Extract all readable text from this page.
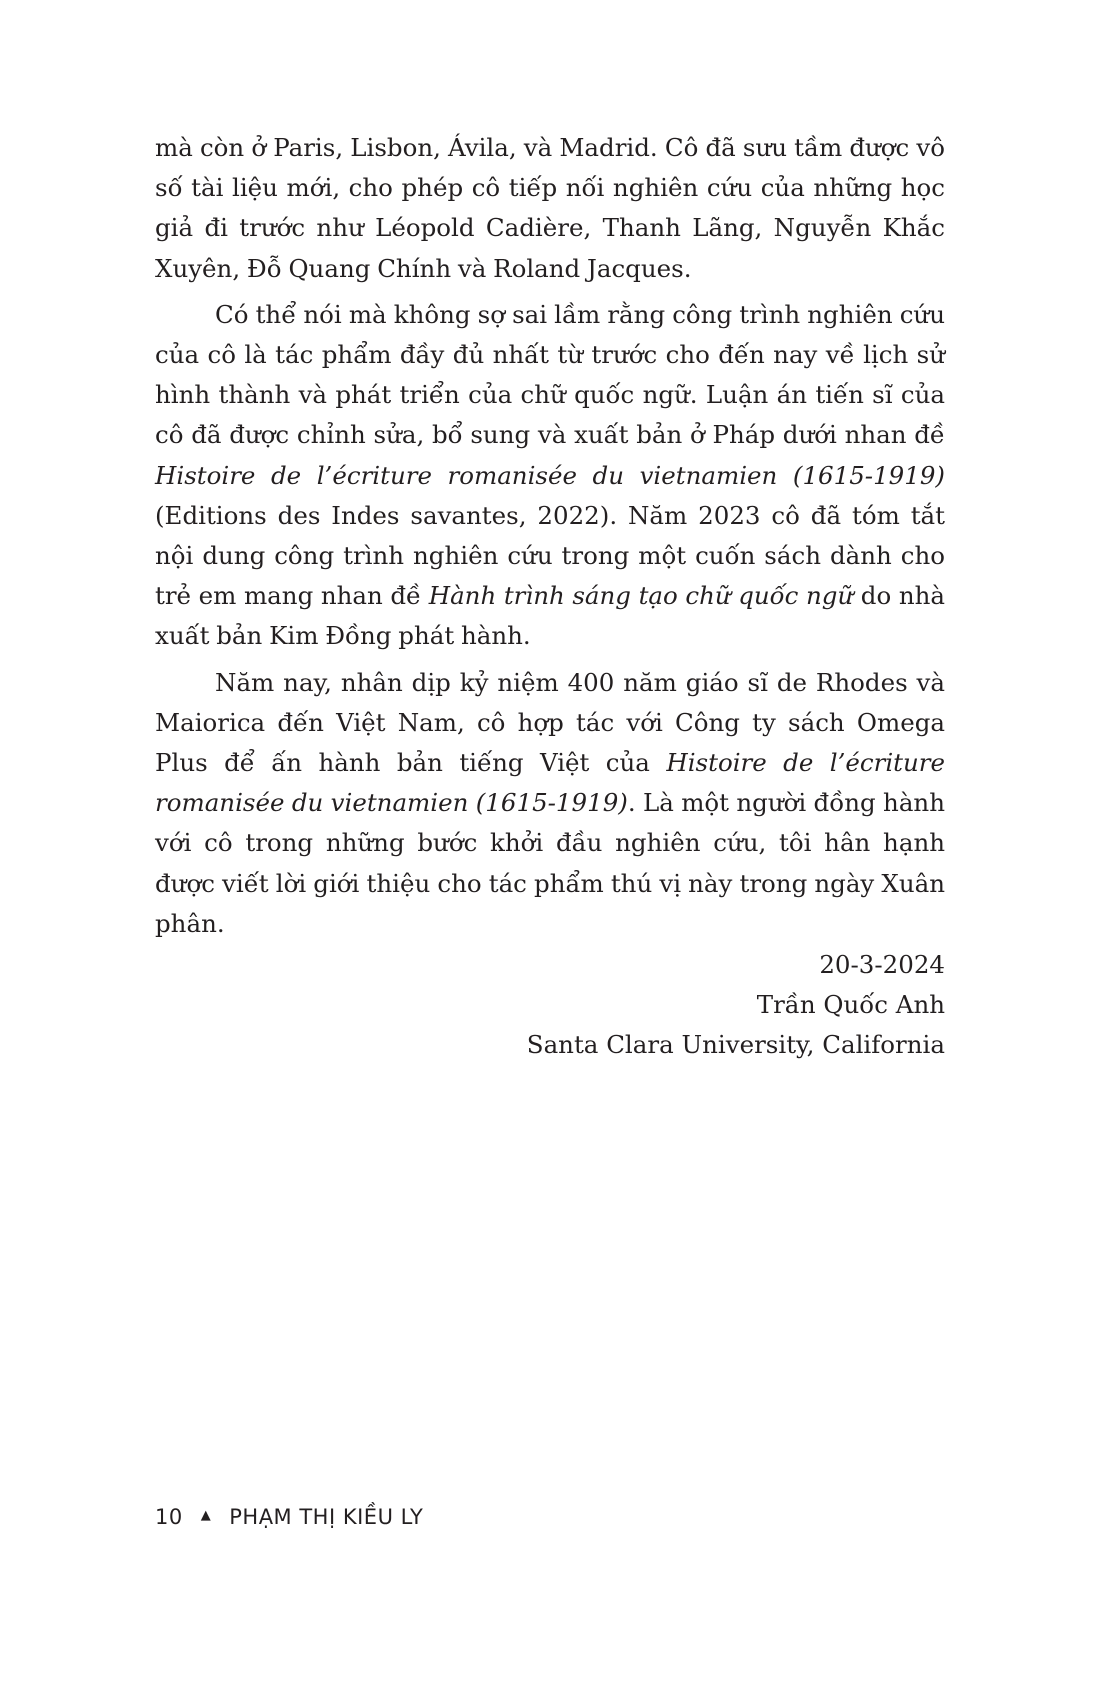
mà còn ở Paris, Lisbon, Ávila, và Madrid. Cô đã sưu tầm được vô số tài liệu mới, cho phép cô tiếp nối nghiên cứu của những học giả đi trước như Léopold Cadière, Thanh Lãng, Nguyễn Khắc Xuyên, Đỗ Quang Chính và Roland Jacques.

Có thể nói mà không sợ sai lầm rằng công trình nghiên cứu của cô là tác phẩm đầy đủ nhất từ trước cho đến nay về lịch sử hình thành và phát triển của chữ quốc ngữ. Luận án tiến sĩ của cô đã được chỉnh sửa, bổ sung và xuất bản ở Pháp dưới nhan đề Histoire de l’écriture romanisée du vietnamien (1615-1919) (Editions des Indes savantes, 2022). Năm 2023 cô đã tóm tắt nội dung công trình nghiên cứu trong một cuốn sách dành cho trẻ em mang nhan đề Hành trình sáng tạo chữ quốc ngữ do nhà xuất bản Kim Đồng phát hành.

Năm nay, nhân dịp kỷ niệm 400 năm giáo sĩ de Rhodes và Maiorica đến Việt Nam, cô hợp tác với Công ty sách Omega Plus để ấn hành bản tiếng Việt của Histoire de l’écriture romanisée du vietnamien (1615-1919). Là một người đồng hành với cô trong những bước khởi đầu nghiên cứu, tôi hân hạnh được viết lời giới thiệu cho tác phẩm thú vị này trong ngày Xuân phân.

20-3-2024
Trần Quốc Anh
Santa Clara University, California
10 ▲ PHẠM THỊ KIỀU LY
